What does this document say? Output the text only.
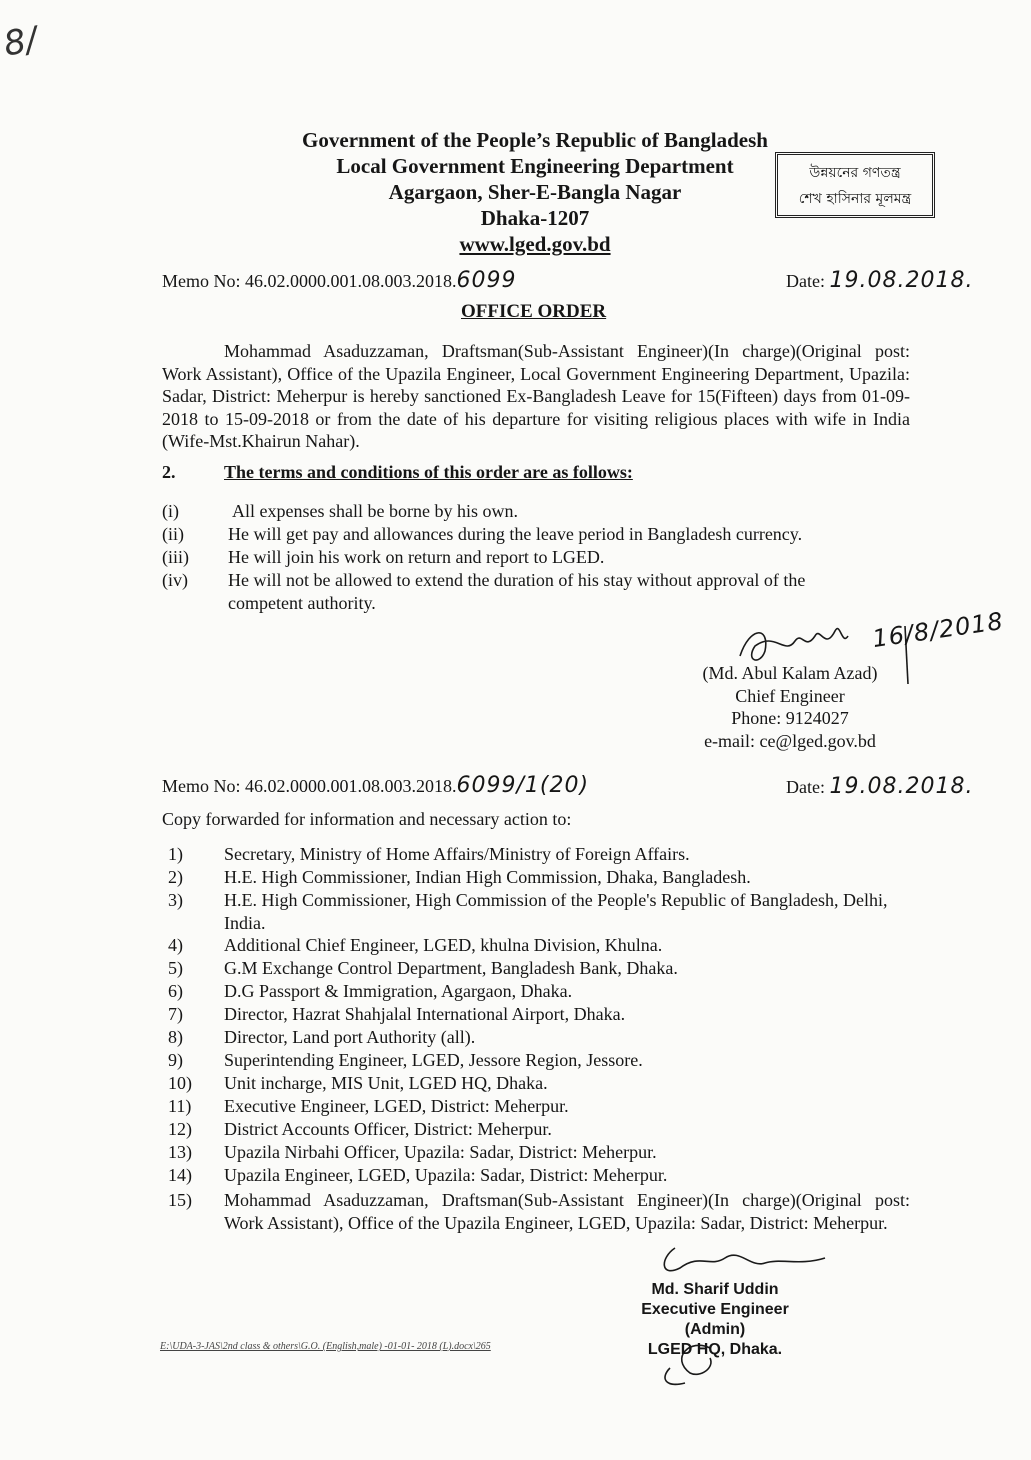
8/
Government of the People’s Republic of Bangladesh
Local Government Engineering Department
Agargaon, Sher-E-Bangla Nagar
Dhaka-1207
www.lged.gov.bd
উন্নয়নের গণতন্ত্র
শেখ হাসিনার মূলমন্ত্র
Memo No: 46.02.0000.001.08.003.2018.6099	Date: 19.08.2018.
OFFICE ORDER
Mohammad Asaduzzaman, Draftsman(Sub-Assistant Engineer)(In charge)(Original post: Work Assistant), Office of the Upazila Engineer, Local Government Engineering Department, Upazila: Sadar, District: Meherpur is hereby sanctioned Ex-Bangladesh Leave for 15(Fifteen) days from 01-09-2018 to 15-09-2018 or from the date of his departure for visiting religious places with wife in India (Wife-Mst.Khairun Nahar).
2.	The terms and conditions of this order are as follows:
(i)	All expenses shall be borne by his own.
(ii) He will get pay and allowances during the leave period in Bangladesh currency.
(iii) He will join his work on return and report to LGED.
(iv) He will not be allowed to extend the duration of his stay without approval of the competent authority.
16/8/2018
(Md. Abul Kalam Azad)
Chief Engineer
Phone: 9124027
e-mail: ce@lged.gov.bd
Memo No: 46.02.0000.001.08.003.2018.6099/1(20)	Date: 19.08.2018.
Copy forwarded for information and necessary action to:
1) Secretary, Ministry of Home Affairs/Ministry of Foreign Affairs.
2) H.E. High Commissioner, Indian High Commission, Dhaka, Bangladesh.
3) H.E. High Commissioner, High Commission of the People's Republic of Bangladesh, Delhi, India.
4) Additional Chief Engineer, LGED, khulna Division, Khulna.
5) G.M Exchange Control Department, Bangladesh Bank, Dhaka.
6) D.G Passport & Immigration, Agargaon, Dhaka.
7) Director, Hazrat Shahjalal International Airport, Dhaka.
8) Director, Land port Authority (all).
9) Superintending Engineer, LGED, Jessore Region, Jessore.
10) Unit incharge, MIS Unit, LGED HQ, Dhaka.
11) Executive Engineer, LGED, District: Meherpur.
12) District Accounts Officer, District: Meherpur.
13) Upazila Nirbahi Officer, Upazila: Sadar, District: Meherpur.
14) Upazila Engineer, LGED, Upazila: Sadar, District: Meherpur.
15) Mohammad Asaduzzaman, Draftsman(Sub-Assistant Engineer)(In charge)(Original post: Work Assistant), Office of the Upazila Engineer, LGED, Upazila: Sadar, District: Meherpur.
Md. Sharif Uddin
Executive Engineer (Admin)
LGED HQ, Dhaka.
E:\UDA-3-JAS\2nd class & others\G.O. (English,male) -01-01- 2018 (L).docx\265
